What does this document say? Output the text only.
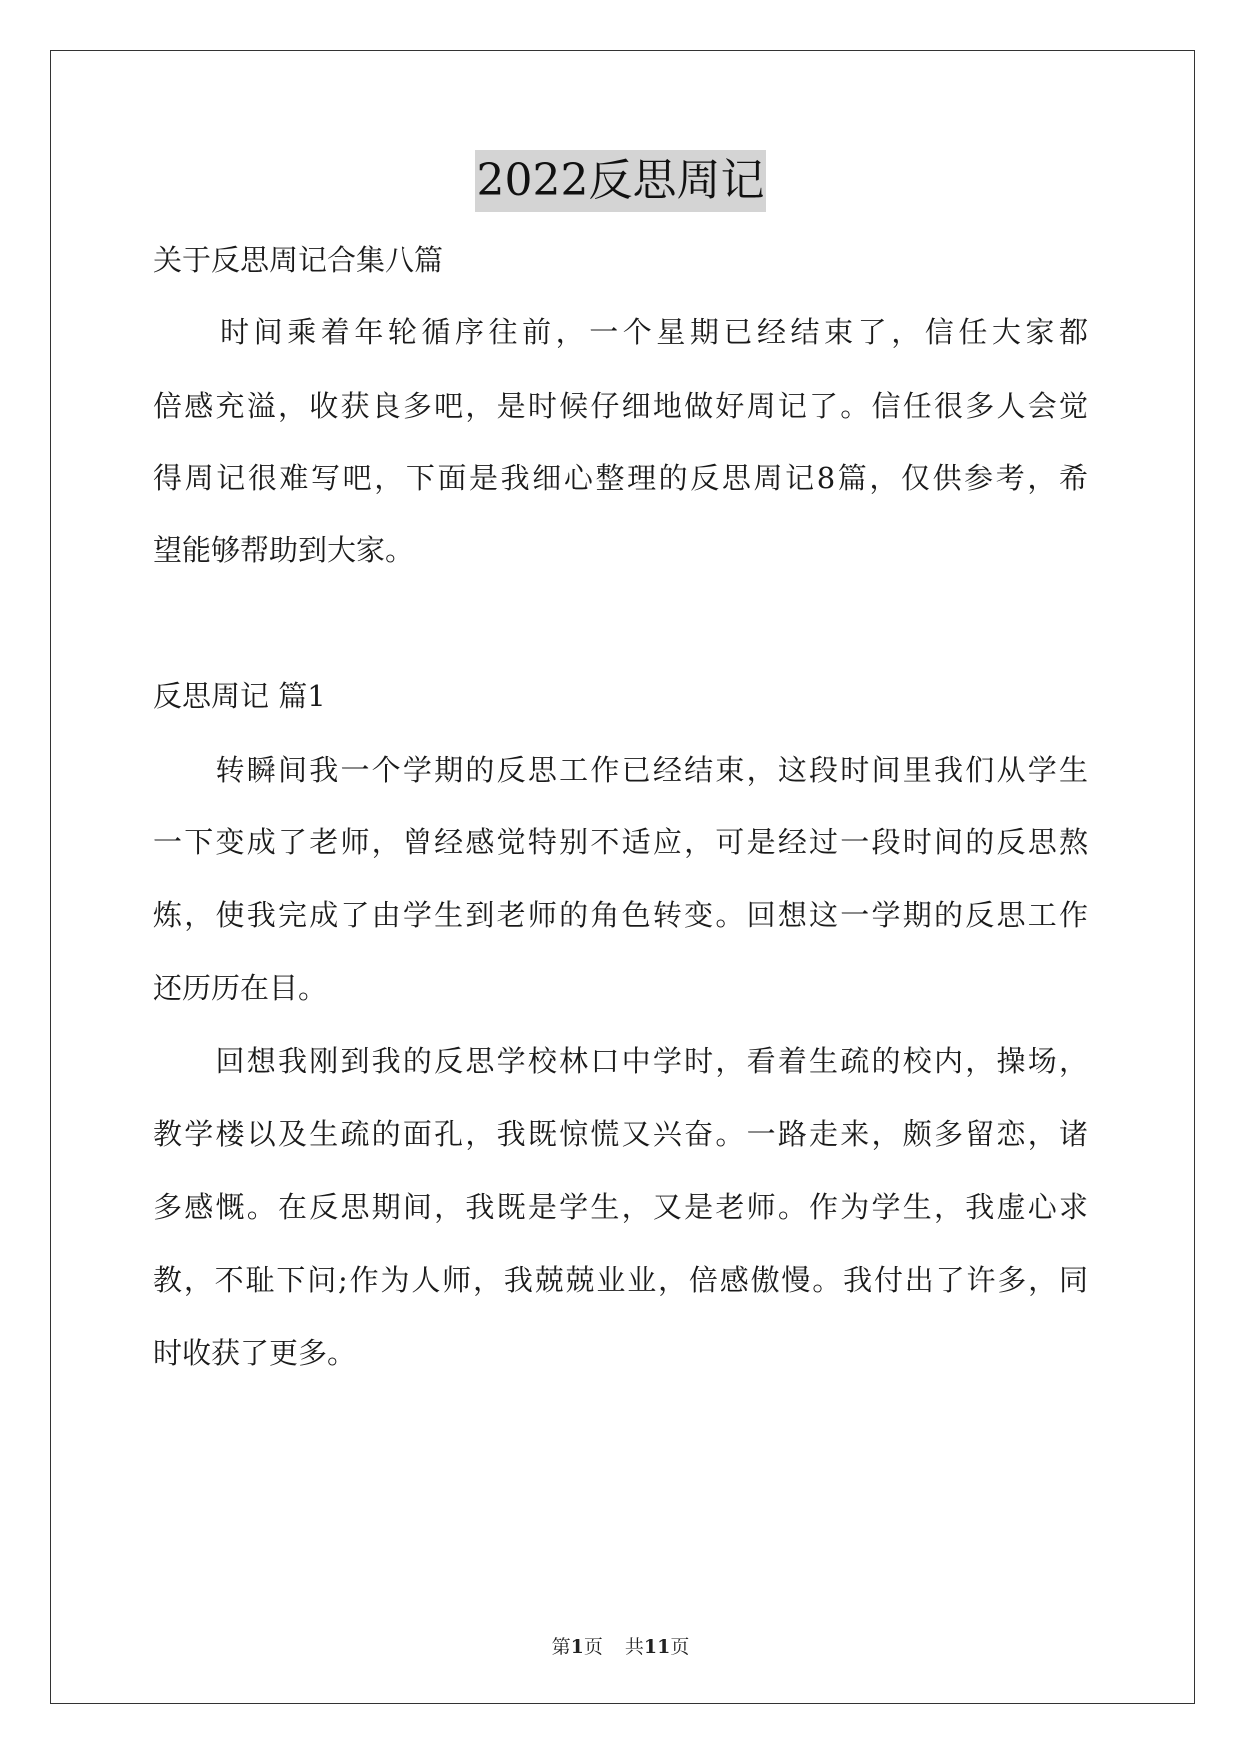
2022反思周记
关于反思周记合集八篇
　　时间乘着年轮循序往前，一个星期已经结束了，信任大家都
倍感充溢，收获良多吧，是时候仔细地做好周记了。信任很多人会觉
得周记很难写吧，下面是我细心整理的反思周记8篇，仅供参考，希
望能够帮助到大家。
反思周记 篇1
　　转瞬间我一个学期的反思工作已经结束，这段时间里我们从学生
一下变成了老师，曾经感觉特别不适应，可是经过一段时间的反思熬
炼，使我完成了由学生到老师的角色转变。回想这一学期的反思工作
还历历在目。
　　回想我刚到我的反思学校林口中学时，看着生疏的校内，操场，
教学楼以及生疏的面孔，我既惊慌又兴奋。一路走来，颇多留恋，诸
多感慨。在反思期间，我既是学生，又是老师。作为学生，我虚心求
教，不耻下问;作为人师，我兢兢业业，倍感傲慢。我付出了许多，同
时收获了更多。
第1页 共11页
